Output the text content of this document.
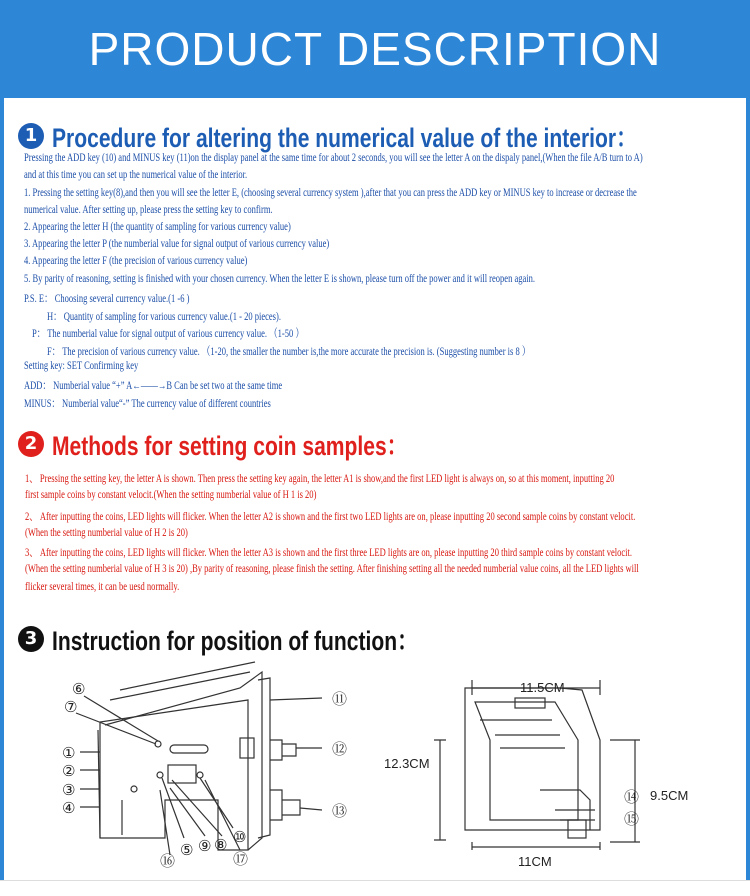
PRODUCT DESCRIPTION
1 Procedure for altering the numerical value of the interior：
Pressing the ADD key (10) and MINUS key (11)on the display panel at the same time for about 2 seconds, you will see the letter A on the dispaly panel,(When the file A/B turn to A)
and at this time you can set up the numerical value of the interior.
1. Pressing the setting key(8),and then you will see the letter E, (choosing several currency system ),after that you can press the ADD key or MINUS key to increase or decrease the
numerical value. After setting up, please press the setting key to confirm.
2. Appearing the letter H (the quantity of sampling for various currency value)
3. Appearing the letter P (the numberial value for signal output of various currency value)
4. Appearing the letter F (the precision of various currency value)
5. By parity of reasoning, setting is finished with your chosen currency. When the letter E is shown, please turn off the power and it will reopen again.
P.S. E： Choosing several currency value.(1 -6 )
H： Quantity of sampling for various currency value.(1 - 20 pieces).
P： The numberial value for signal output of various currency value. （1-50 ）
F： The precision of various currency value. （1-20, the smaller the number is,the more accurate the precision is. (Suggesting number is 8 ）
Setting key: SET Confirming key
ADD： Numberial value “+” A←——→B Can be set two at the same time
MINUS： Numberial value“-” The currency value of different countries
2 Methods for setting coin samples：
1、 Pressing the setting key, the letter A is shown. Then press the setting key again, the letter A1 is show,and the first LED light is always on, so at this moment, inputting 20
first sample coins by constant velocit.(When the setting numberial value of H 1 is 20)
2、 After inputting the coins, LED lights will flicker. When the letter A2 is shown and the first two LED lights are on, please inputting 20 second sample coins by constant velocit.
(When the setting numberial value of H 2 is 20)
3、 After inputting the coins, LED lights will flicker. When the letter A3 is shown and the first three LED lights are on, please inputting 20 third sample coins by constant velocit.
(When the setting numberial value of H 3 is 20) ,By parity of reasoning, please finish the setting. After finishing setting all the needed numberial value coins, all the LED lights will
flicker several times, it can be uesd normally.
3 Instruction for position of function：
①
②
③
④
⑤
⑥
⑦
⑧
⑨ ⑩
⑪
⑫
⑬
⑭
⑮
⑯	⑰
11.5CM
12.3CM
9.5CM
11CM
